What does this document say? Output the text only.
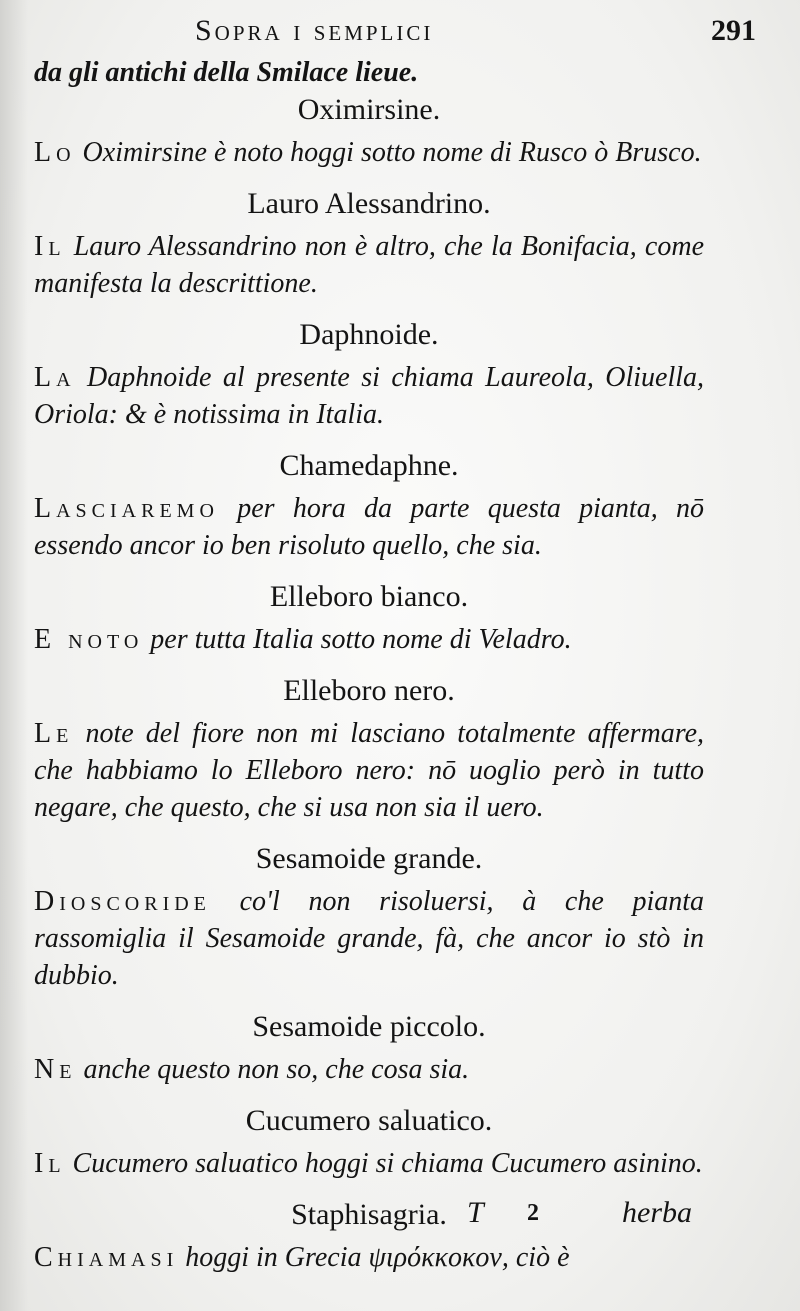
Sopra i semplici	291
da gli antichi della Smilace lieue.
Oximirsine.
Lo Oximirsine è noto hoggi sotto nome di Rusco ò Brusco.
Lauro Alessandrino.
Il Lauro Alessandrino non è altro, che la Bonifacia, come manifesta la descrittione.
Daphnoide.
La Daphnoide al presente si chiama Laureola, Oliuella, Oriola: & è notissima in Italia.
Chamedaphne.
Lasciaremo per hora da parte questa pianta, nō essendo ancor io ben risoluto quello, che sia.
Elleboro bianco.
E noto per tutta Italia sotto nome di Veladro.
Elleboro nero.
Le note del fiore non mi lasciano totalmente affermare, che habbiamo lo Elleboro nero: nō uoglio però in tutto negare, che questo, che si usa non sia il uero.
Sesamoide grande.
Dioscoride co'l non risoluersi, à che pianta rassomiglia il Sesamoide grande, fà, che ancor io stò in dubbio.
Sesamoide piccolo.
Ne anche questo non so, che cosa sia.
Cucumero saluatico.
Il Cucumero saluatico hoggi si chiama Cucumero asinino.
Staphisagria.
Chiamasi hoggi in Grecia ψιρόκκοκον, ciò è
T 2	herba
